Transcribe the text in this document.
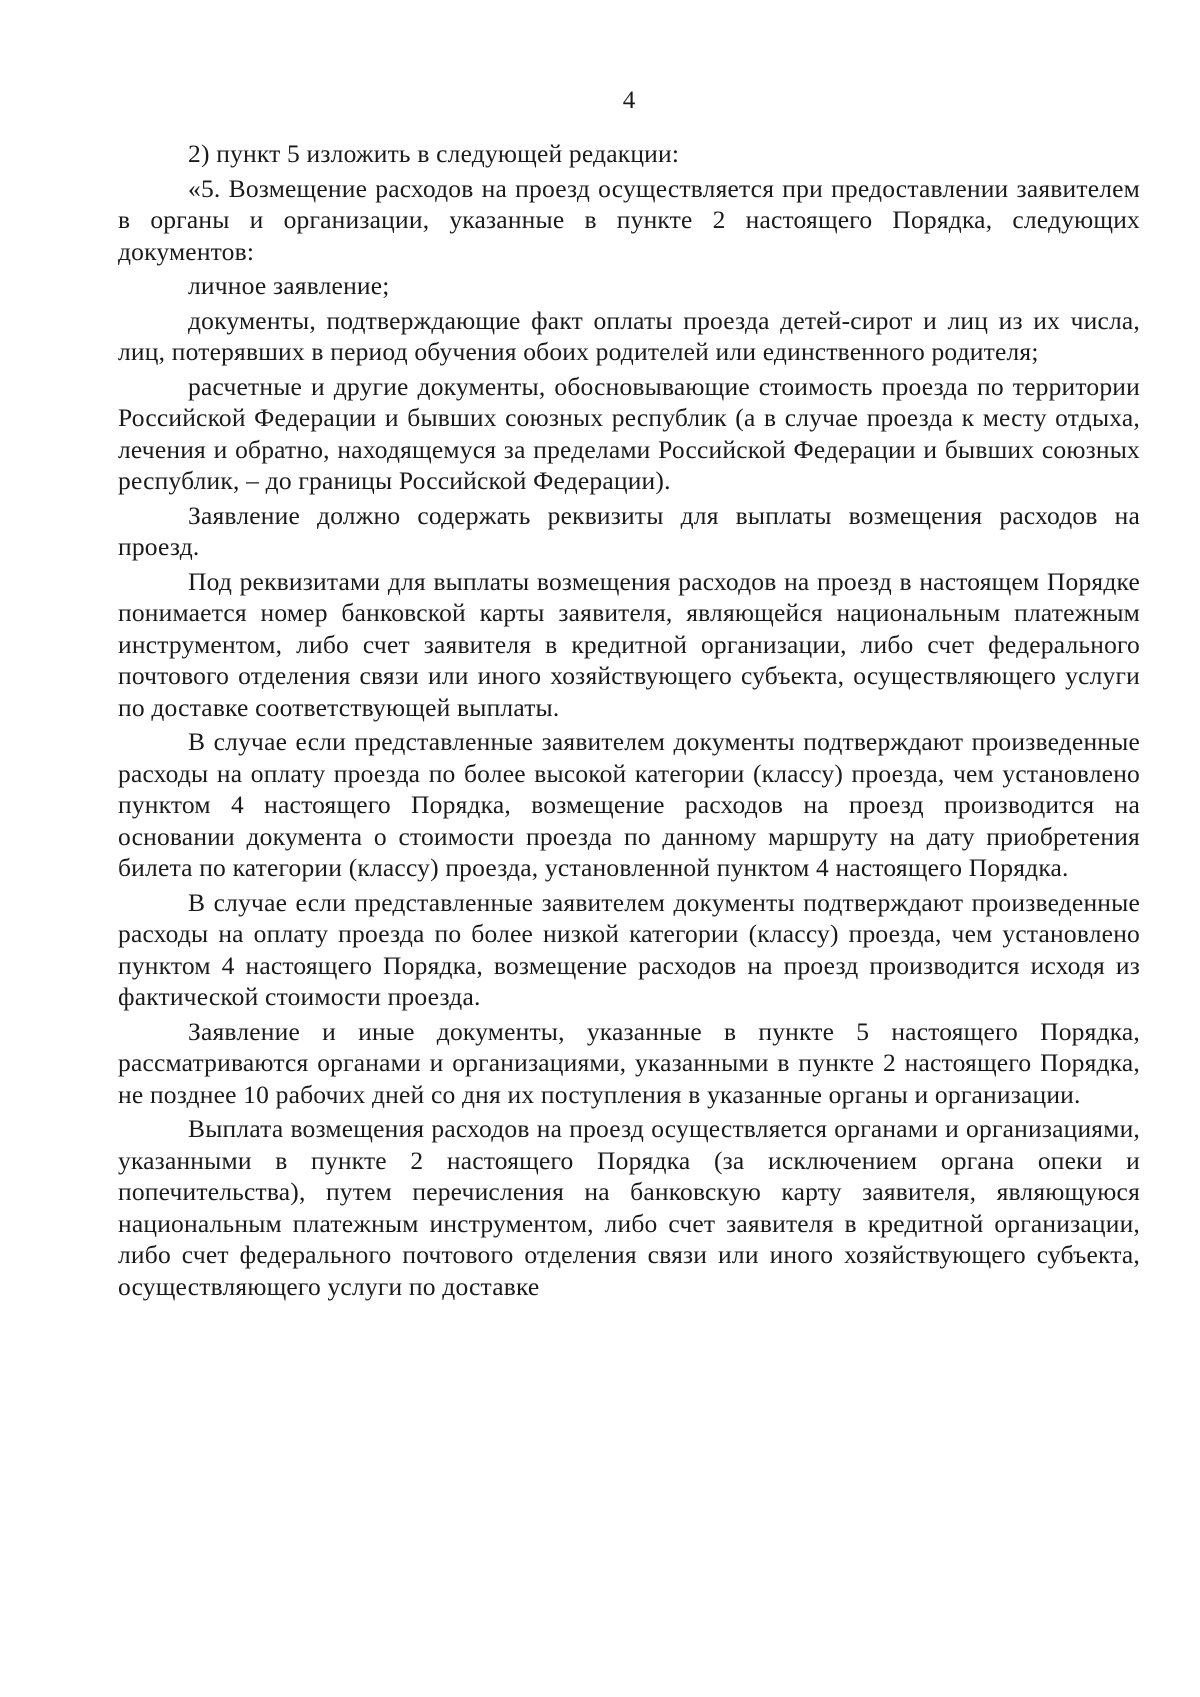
4

2) пункт 5 изложить в следующей редакции:

«5. Возмещение расходов на проезд осуществляется при предоставлении заявителем в органы и организации, указанные в пункте 2 настоящего Порядка, следующих документов:

личное заявление;

документы, подтверждающие факт оплаты проезда детей-сирот и лиц из их числа, лиц, потерявших в период обучения обоих родителей или единственного родителя;

расчетные и другие документы, обосновывающие стоимость проезда по территории Российской Федерации и бывших союзных республик (а в случае проезда к месту отдыха, лечения и обратно, находящемуся за пределами Российской Федерации и бывших союзных республик, – до границы Российской Федерации).

Заявление должно содержать реквизиты для выплаты возмещения расходов на проезд.

Под реквизитами для выплаты возмещения расходов на проезд в настоящем Порядке понимается номер банковской карты заявителя, являющейся национальным платежным инструментом, либо счет заявителя в кредитной организации, либо счет федерального почтового отделения связи или иного хозяйствующего субъекта, осуществляющего услуги по доставке соответствующей выплаты.

В случае если представленные заявителем документы подтверждают произведенные расходы на оплату проезда по более высокой категории (классу) проезда, чем установлено пунктом 4 настоящего Порядка, возмещение расходов на проезд производится на основании документа о стоимости проезда по данному маршруту на дату приобретения билета по категории (классу) проезда, установленной пунктом 4 настоящего Порядка.

В случае если представленные заявителем документы подтверждают произведенные расходы на оплату проезда по более низкой категории (классу) проезда, чем установлено пунктом 4 настоящего Порядка, возмещение расходов на проезд производится исходя из фактической стоимости проезда.

Заявление и иные документы, указанные в пункте 5 настоящего Порядка, рассматриваются органами и организациями, указанными в пункте 2 настоящего Порядка, не позднее 10 рабочих дней со дня их поступления в указанные органы и организации.

Выплата возмещения расходов на проезд осуществляется органами и организациями, указанными в пункте 2 настоящего Порядка (за исключением органа опеки и попечительства), путем перечисления на банковскую карту заявителя, являющуюся национальным платежным инструментом, либо счет заявителя в кредитной организации, либо счет федерального почтового отделения связи или иного хозяйствующего субъекта, осуществляющего услуги по доставке
